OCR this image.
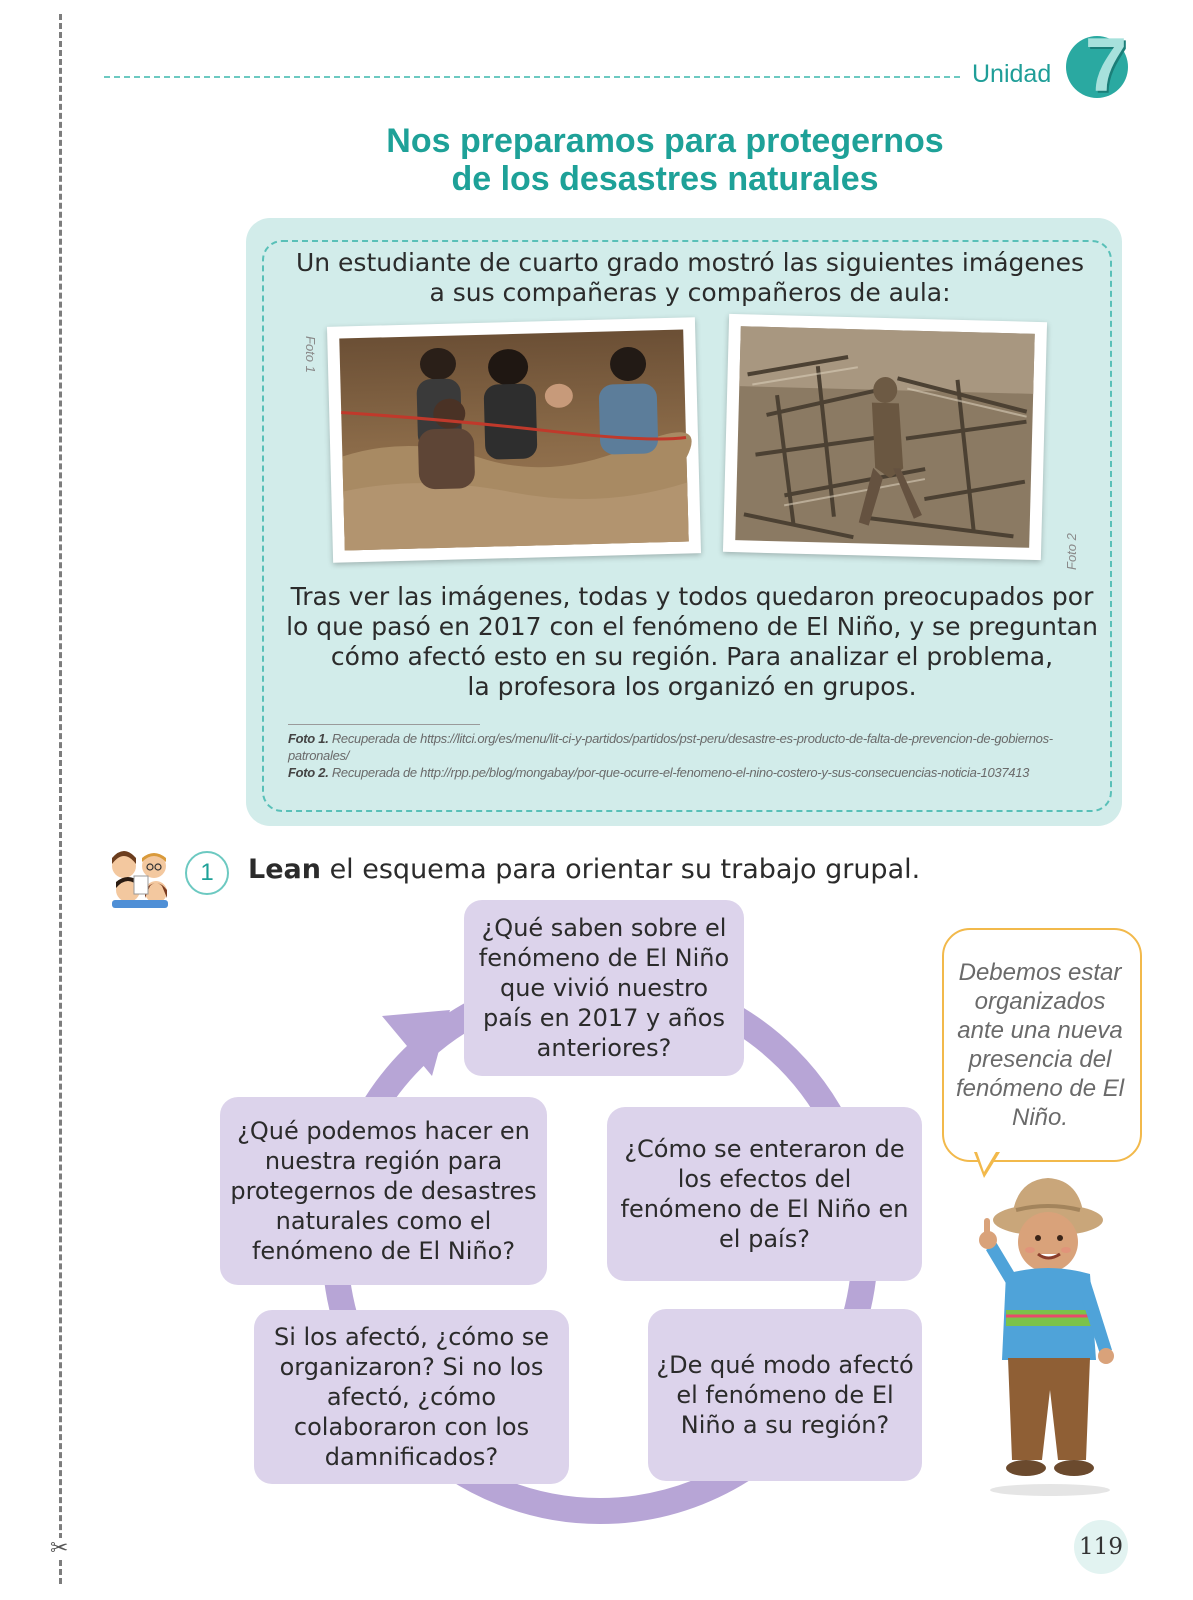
✂
Unidad 7
Nos preparamos para protegernos
de los desastres naturales
Un estudiante de cuarto grado mostró las siguientes imágenes
a sus compañeras y compañeros de aula:
Foto 1
Foto 2
Tras ver las imágenes, todas y todos quedaron preocupados por
lo que pasó en 2017 con el fenómeno de El Niño, y se preguntan
cómo afectó esto en su región. Para analizar el problema,
la profesora los organizó en grupos.
Foto 1. Recuperada de https://litci.org/es/menu/lit-ci-y-partidos/partidos/pst-peru/desastre-es-producto-de-falta-de-prevencion-de-gobiernos-patronales/
Foto 2. Recuperada de http://rpp.pe/blog/mongabay/por-que-ocurre-el-fenomeno-el-nino-costero-y-sus-consecuencias-noticia-1037413
1	Lean el esquema para orientar su trabajo grupal.
¿Qué saben sobre el fenómeno de El Niño que vivió nuestro país en 2017 y años anteriores?
¿Cómo se enteraron de los efectos del fenómeno de El Niño en el país?
¿De qué modo afectó el fenómeno de El Niño a su región?
Si los afectó, ¿cómo se organizaron? Si no los afectó, ¿cómo colaboraron con los damnificados?
¿Qué podemos hacer en nuestra región para protegernos de desastres naturales como el fenómeno de El Niño?
Debemos estar organizados ante una nueva presencia del fenómeno de El Niño.
119
